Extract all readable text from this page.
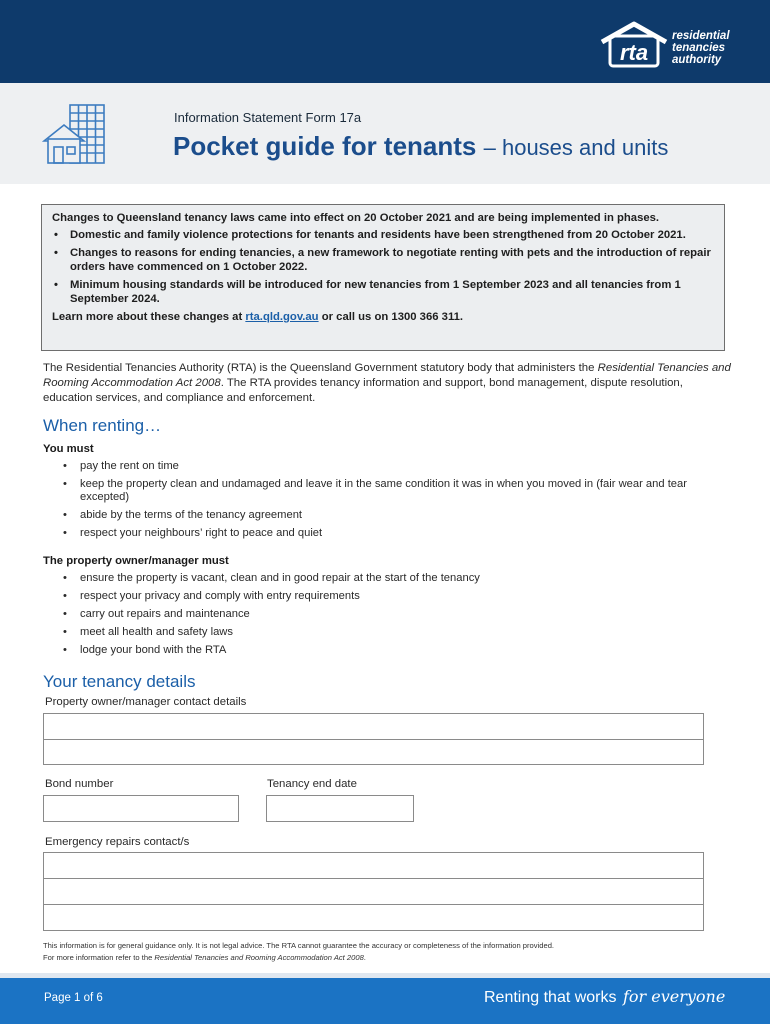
rta
residential
tenancies
authority
Information Statement Form 17a
Pocket guide for tenants – houses and units
Changes to Queensland tenancy laws came into effect on 20 October 2021 and are being implemented in phases.
• Domestic and family violence protections for tenants and residents have been strengthened from 20 October 2021.
• Changes to reasons for ending tenancies, a new framework to negotiate renting with pets and the introduction of repair orders have commenced on 1 October 2022.
• Minimum housing standards will be introduced for new tenancies from 1 September 2023 and all tenancies from 1 September 2024.
Learn more about these changes at rta.qld.gov.au or call us on 1300 366 311.
The Residential Tenancies Authority (RTA) is the Queensland Government statutory body that administers the Residential Tenancies and Rooming Accommodation Act 2008. The RTA provides tenancy information and support, bond management, dispute resolution, education services, and compliance and enforcement.
When renting…
You must
• pay the rent on time
• keep the property clean and undamaged and leave it in the same condition it was in when you moved in (fair wear and tear excepted)
• abide by the terms of the tenancy agreement
• respect your neighbours’ right to peace and quiet
The property owner/manager must
• ensure the property is vacant, clean and in good repair at the start of the tenancy
• respect your privacy and comply with entry requirements
• carry out repairs and maintenance
• meet all health and safety laws
• lodge your bond with the RTA
Your tenancy details
Property owner/manager contact details
Bond number	Tenancy end date
Emergency repairs contact/s
This information is for general guidance only. It is not legal advice. The RTA cannot guarantee the accuracy or completeness of the information provided.
For more information refer to the Residential Tenancies and Rooming Accommodation Act 2008.
Page 1 of 6	Renting that works for everyone
